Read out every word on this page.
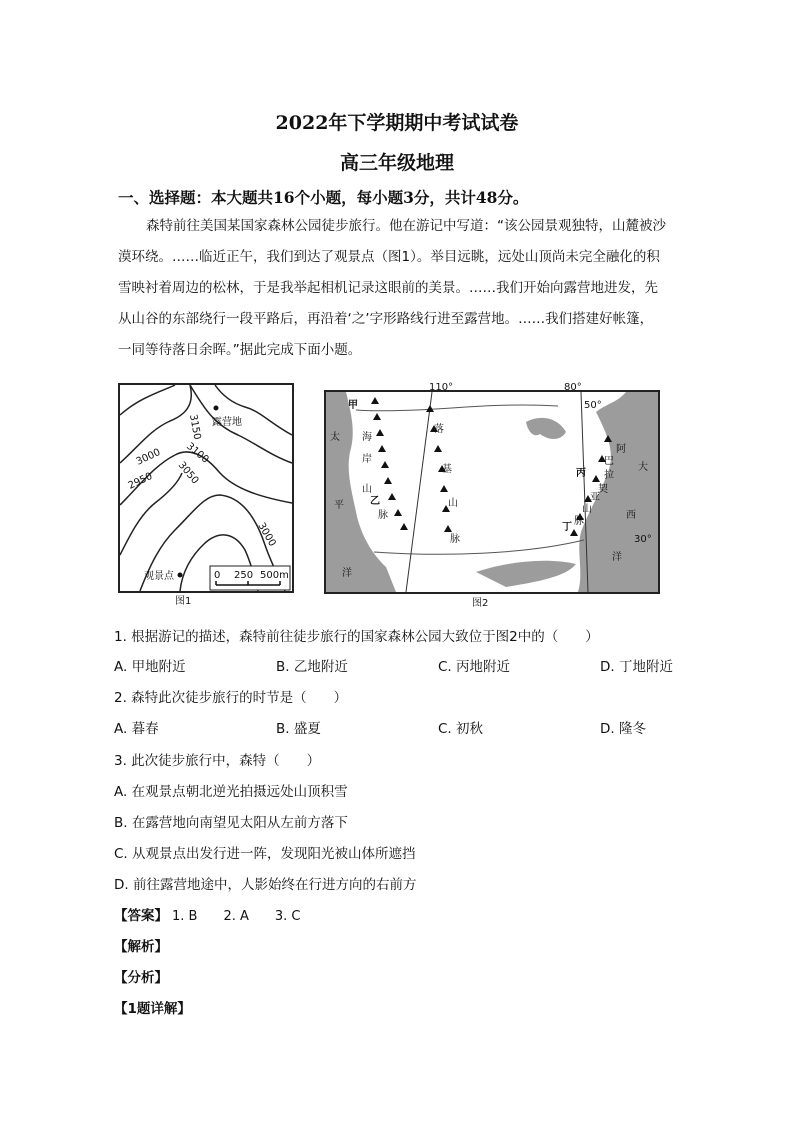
2022年下学期期中考试试卷
高三年级地理
一、选择题：本大题共16个小题，每小题3分，共计48分。
森特前往美国某国家森林公园徒步旅行。他在游记中写道：“该公园景观独特，山麓被沙
漠环绕。……临近正午，我们到达了观景点（图1）。举目远眺，远处山顶尚未完全融化的积
雪映衬着周边的松林，于是我举起相机记录这眼前的美景。……我们开始向露营地进发，先
从山谷的东部绕行一段平路后，再沿着‘之’字形路线行进至露营地。……我们搭建好帐篷，
一同等待落日余晖。”据此完成下面小题。
露营地
3150
3100
3050
3000
2950
3000
观景点	0 250 500m
图1
110°	80°
50°
30°
太
平
洋
大
西
洋
海
岸
山
脉
落
基
山
脉
阿
巴
拉
契
亚
山
脉
甲
乙
丙
丁
图2
1. 根据游记的描述，森特前往徒步旅行的国家森林公园大致位于图2中的（　　）
A. 甲地附近	B. 乙地附近	C. 丙地附近	D. 丁地附近
2. 森特此次徒步旅行的时节是（　　）
A. 暮春	B. 盛夏	C. 初秋	D. 隆冬
3. 此次徒步旅行中，森特（　　）
A. 在观景点朝北逆光拍摄远处山顶积雪
B. 在露营地向南望见太阳从左前方落下
C. 从观景点出发行进一阵，发现阳光被山体所遮挡
D. 前往露营地途中，人影始终在行进方向的右前方
【答案】 1. B　　2. A　　3. C
【解析】
【分析】
【1题详解】
